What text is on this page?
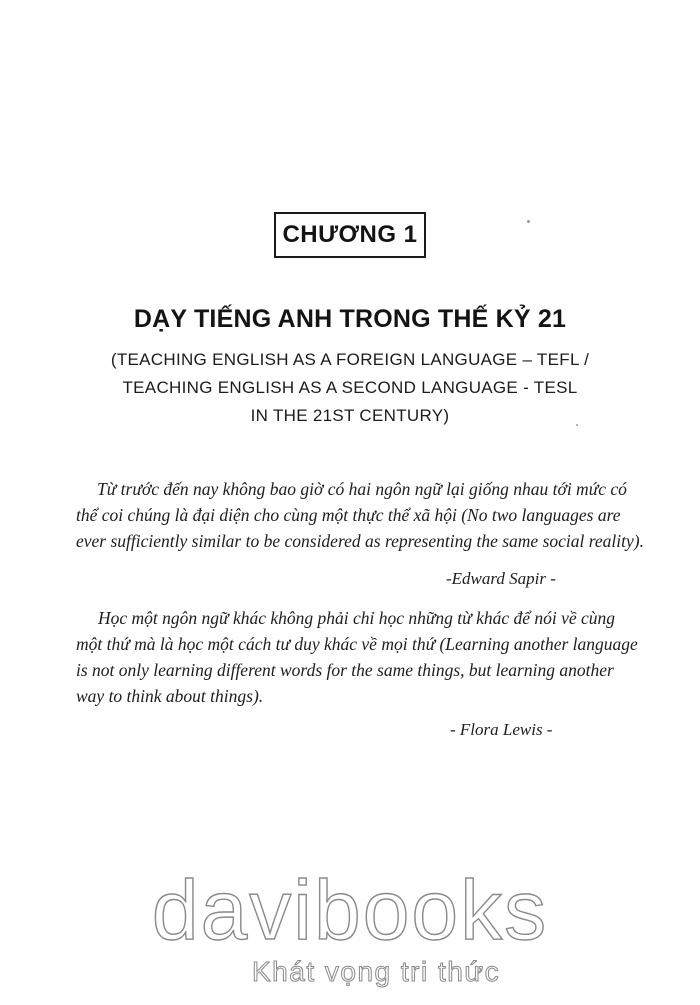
CHƯƠNG 1
DẠY TIẾNG ANH TRONG THẾ KỶ 21
(TEACHING ENGLISH AS A FOREIGN LANGUAGE – TEFL /
TEACHING ENGLISH AS A SECOND LANGUAGE - TESL
IN THE 21ST CENTURY)
Từ trước đến nay không bao giờ có hai ngôn ngữ lại giống nhau tới mức có
thể coi chúng là đại diện cho cùng một thực thể xã hội (No two languages are
ever sufficiently similar to be considered as representing the same social reality).
-Edward Sapir -
Học một ngôn ngữ khác không phải chỉ học những từ khác để nói về cùng
một thứ mà là học một cách tư duy khác về mọi thứ (Learning another language
is not only learning different words for the same things, but learning another
way to think about things).
- Flora Lewis -
davibooks
Khát vọng tri thức
